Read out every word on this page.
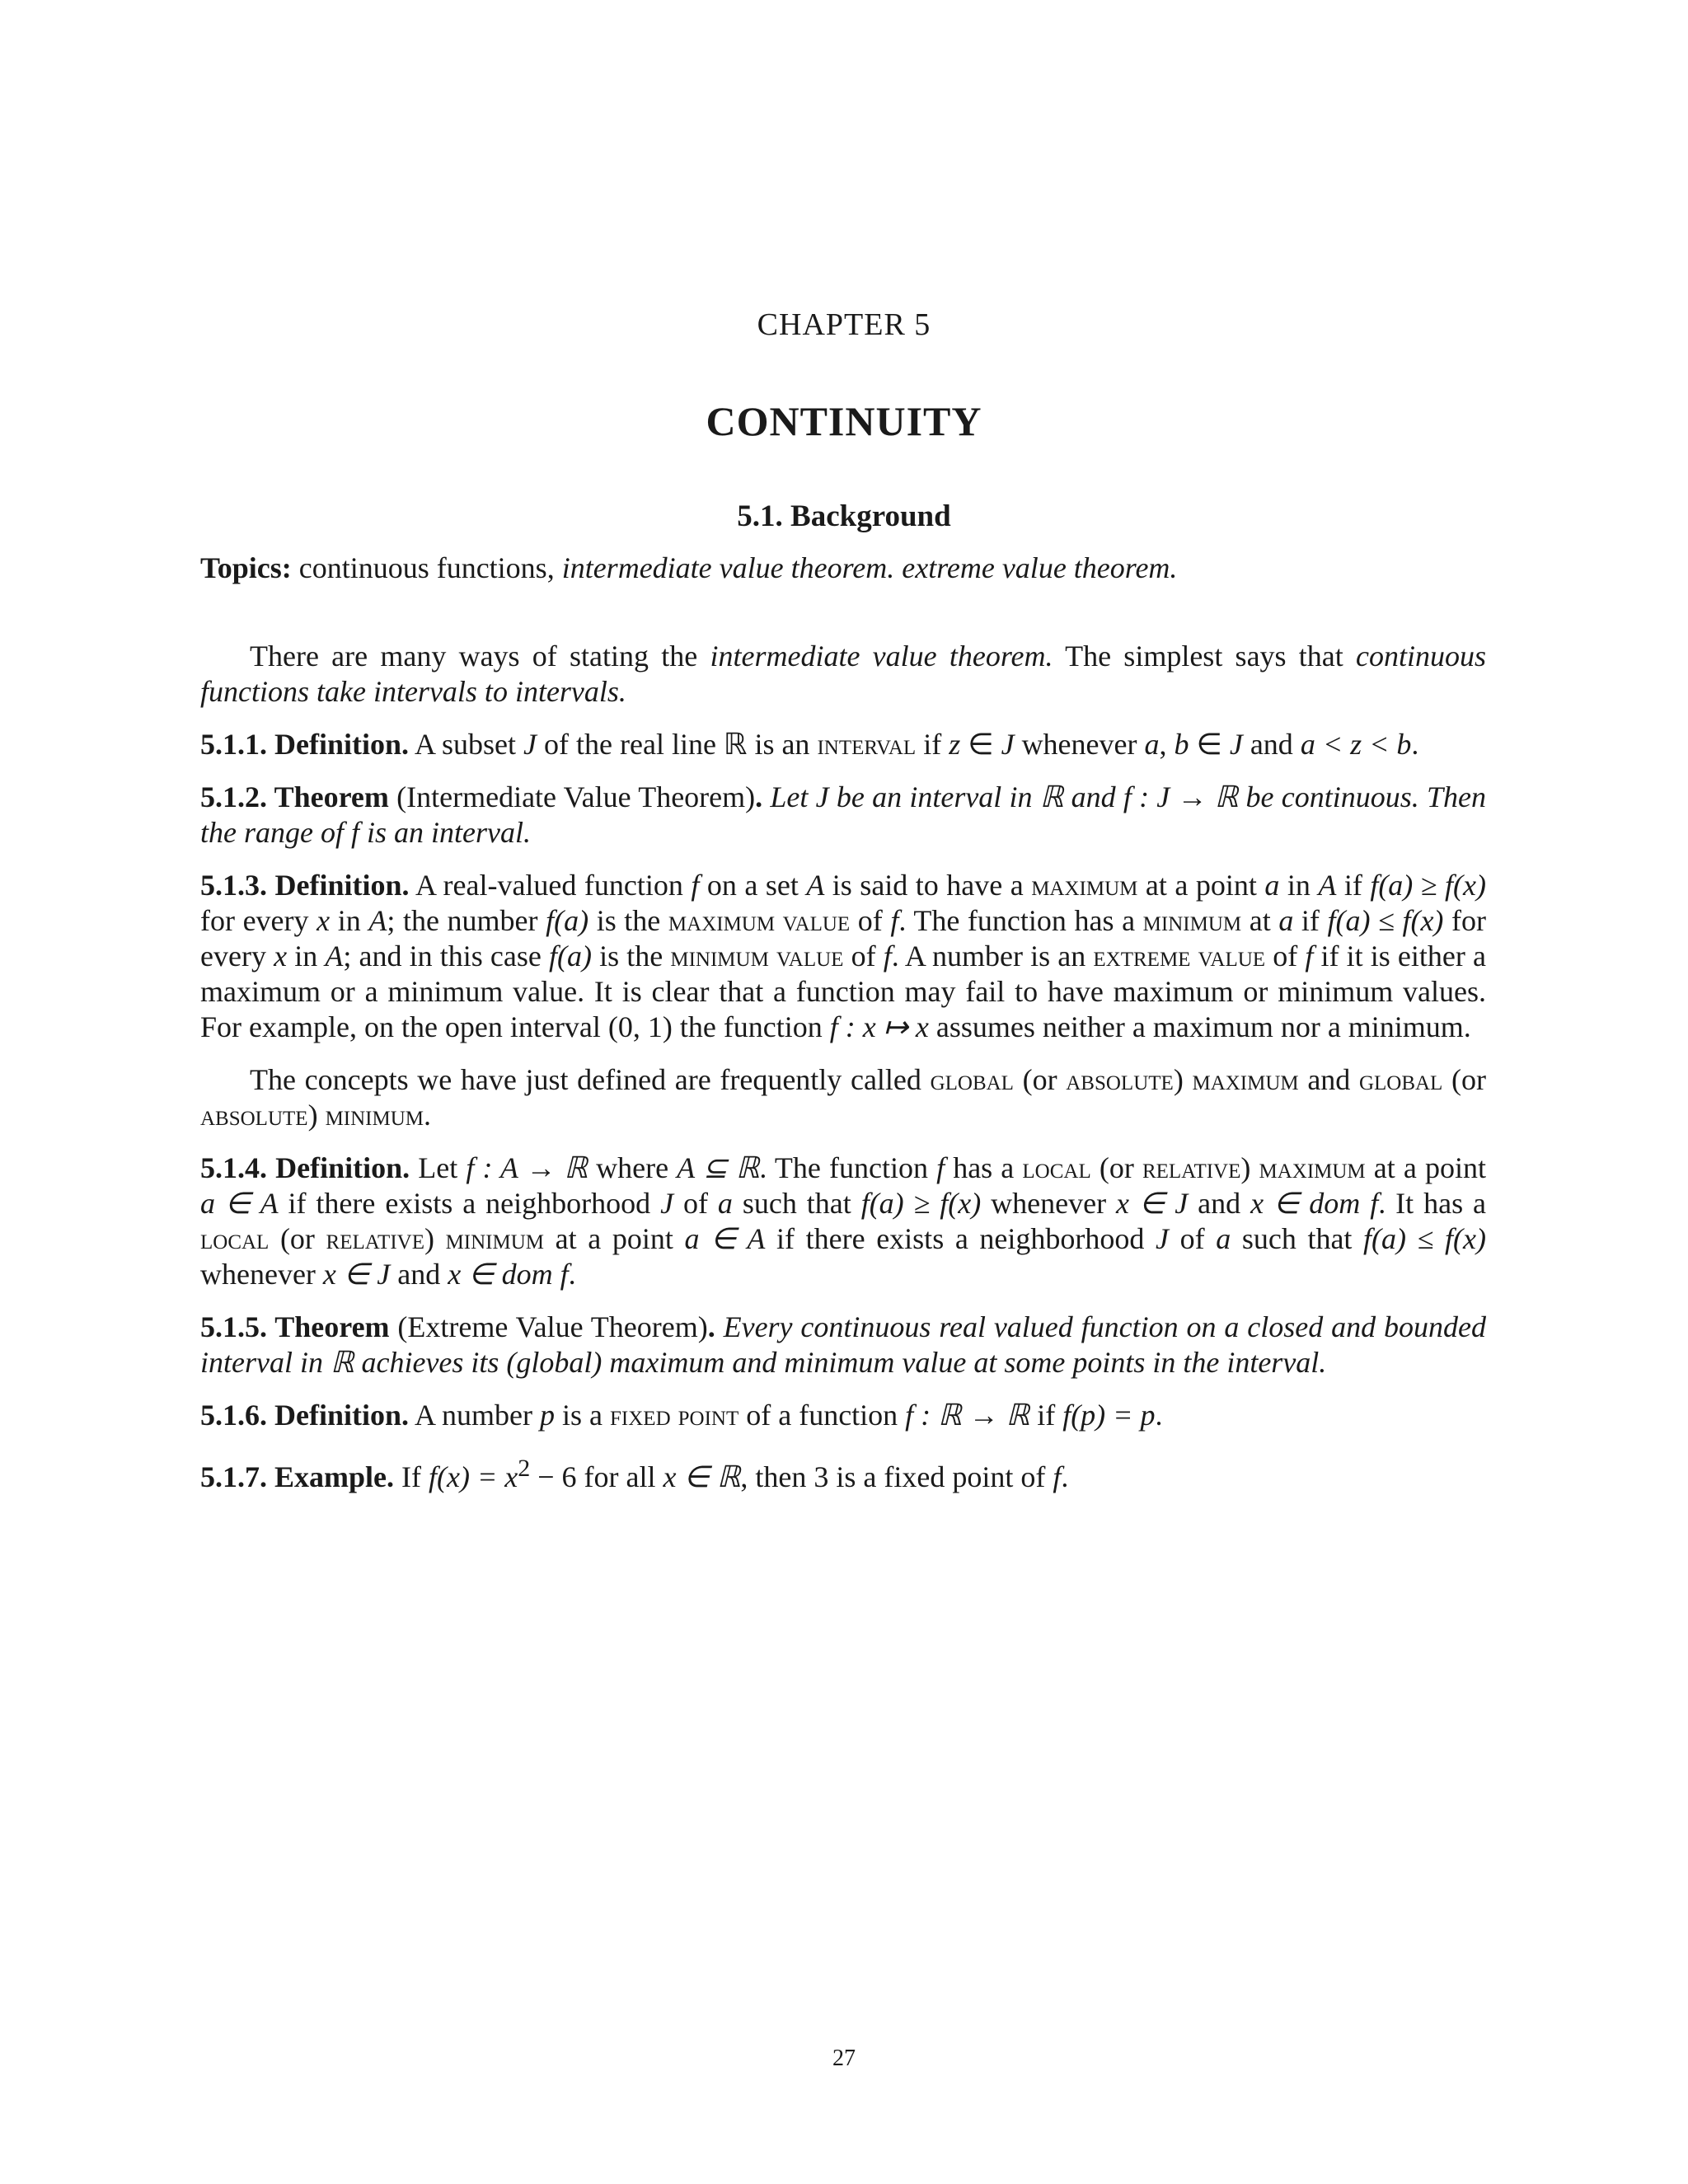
CHAPTER 5
CONTINUITY
5.1. Background

Topics: continuous functions, intermediate value theorem. extreme value theorem.

There are many ways of stating the intermediate value theorem. The simplest says that continuous functions take intervals to intervals.

5.1.1. Definition. A subset J of the real line ℝ is an interval if z ∈ J whenever a, b ∈ J and a < z < b.

5.1.2. Theorem (Intermediate Value Theorem). Let J be an interval in ℝ and f : J → ℝ be continuous. Then the range of f is an interval.

5.1.3. Definition. A real-valued function f on a set A is said to have a maximum at a point a in A if f(a) ≥ f(x) for every x in A; the number f(a) is the maximum value of f. The function has a minimum at a if f(a) ≤ f(x) for every x in A; and in this case f(a) is the minimum value of f. A number is an extreme value of f if it is either a maximum or a minimum value. It is clear that a function may fail to have maximum or minimum values. For example, on the open interval (0, 1) the function f : x ↦ x assumes neither a maximum nor a minimum.

The concepts we have just defined are frequently called global (or absolute) maximum and global (or absolute) minimum.

5.1.4. Definition. Let f : A → ℝ where A ⊆ ℝ. The function f has a local (or relative) maximum at a point a ∈ A if there exists a neighborhood J of a such that f(a) ≥ f(x) whenever x ∈ J and x ∈ dom f. It has a local (or relative) minimum at a point a ∈ A if there exists a neighborhood J of a such that f(a) ≤ f(x) whenever x ∈ J and x ∈ dom f.

5.1.5. Theorem (Extreme Value Theorem). Every continuous real valued function on a closed and bounded interval in ℝ achieves its (global) maximum and minimum value at some points in the interval.

5.1.6. Definition. A number p is a fixed point of a function f : ℝ → ℝ if f(p) = p.

5.1.7. Example. If $f(x) = x^2 - 6$ for all x ∈ ℝ, then 3 is a fixed point of f.

27
